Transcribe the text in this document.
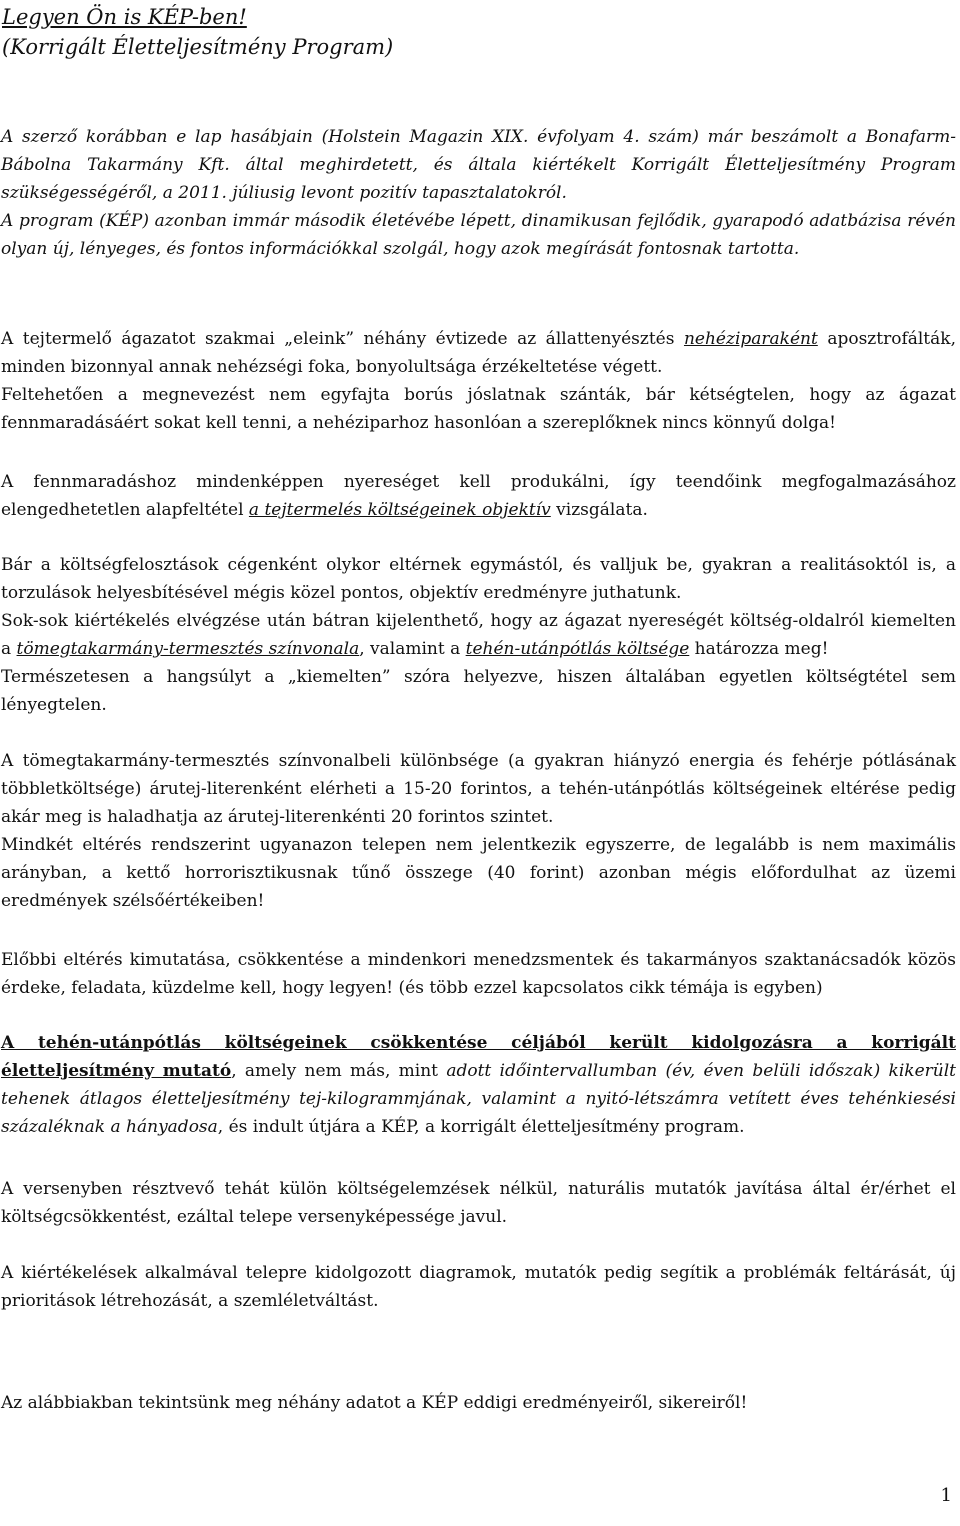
Legyen Ön is KÉP-ben!
(Korrigált Életteljesítmény Program)

A szerző korábban e lap hasábjain (Holstein Magazin XIX. évfolyam 4. szám) már beszámolt a Bonafarm-Bábolna Takarmány Kft. által meghirdetett, és általa kiértékelt Korrigált Életteljesítmény Program szükségességéről, a 2011. júliusig levont pozitív tapasztalatokról.

A program (KÉP) azonban immár második életévébe lépett, dinamikusan fejlődik, gyarapodó adatbázisa révén olyan új, lényeges, és fontos információkkal szolgál, hogy azok megírását fontosnak tartotta.

A tejtermelő ágazatot szakmai „eleink” néhány évtizede az állattenyésztés nehéziparaként aposztrofálták, minden bizonnyal annak nehézségi foka, bonyolultsága érzékeltetése végett.

Feltehetően a megnevezést nem egyfajta borús jóslatnak szánták, bár kétségtelen, hogy az ágazat fennmaradásáért sokat kell tenni, a nehéziparhoz hasonlóan a szereplőknek nincs könnyű dolga!

A fennmaradáshoz mindenképpen nyereséget kell produkálni, így teendőink megfogalmazásához elengedhetetlen alapfeltétel a tejtermelés költségeinek objektív vizsgálata.

Bár a költségfelosztások cégenként olykor eltérnek egymástól, és valljuk be, gyakran a realitásoktól is, a torzulások helyesbítésével mégis közel pontos, objektív eredményre juthatunk.

Sok-sok kiértékelés elvégzése után bátran kijelenthető, hogy az ágazat nyereségét költség-oldalról kiemelten a tömegtakarmány-termesztés színvonala, valamint a tehén-utánpótlás költsége határozza meg!

Természetesen a hangsúlyt a „kiemelten” szóra helyezve, hiszen általában egyetlen költségtétel sem lényegtelen.

A tömegtakarmány-termesztés színvonalbeli különbsége (a gyakran hiányzó energia és fehérje pótlásának többletköltsége) árutej-literenként elérheti a 15-20 forintos, a tehén-utánpótlás költségeinek eltérése pedig akár meg is haladhatja az árutej-literenkénti 20 forintos szintet.

Mindkét eltérés rendszerint ugyanazon telepen nem jelentkezik egyszerre, de legalább is nem maximális arányban, a kettő horrorisztikusnak tűnő összege (40 forint) azonban mégis előfordulhat az üzemi eredmények szélsőértékeiben!

Előbbi eltérés kimutatása, csökkentése a mindenkori menedzsmentek és takarmányos szaktanácsadók közös érdeke, feladata, küzdelme kell, hogy legyen! (és több ezzel kapcsolatos cikk témája is egyben)

A tehén-utánpótlás költségeinek csökkentése céljából került kidolgozásra a korrigált életteljesítmény mutató, amely nem más, mint adott időintervallumban (év, éven belüli időszak) kikerült tehenek átlagos életteljesítmény tej-kilogrammjának, valamint a nyitó-létszámra vetített éves tehénkiesési százaléknak a hányadosa, és indult útjára a KÉP, a korrigált életteljesítmény program.

A versenyben résztvevő tehát külön költségelemzések nélkül, naturális mutatók javítása által ér/érhet el költségcsökkentést, ezáltal telepe versenyképessége javul.

A kiértékelések alkalmával telepre kidolgozott diagramok, mutatók pedig segítik a problémák feltárását, új prioritások létrehozását, a szemléletváltást.

Az alábbiakban tekintsünk meg néhány adatot a KÉP eddigi eredményeiről, sikereiről!

1
